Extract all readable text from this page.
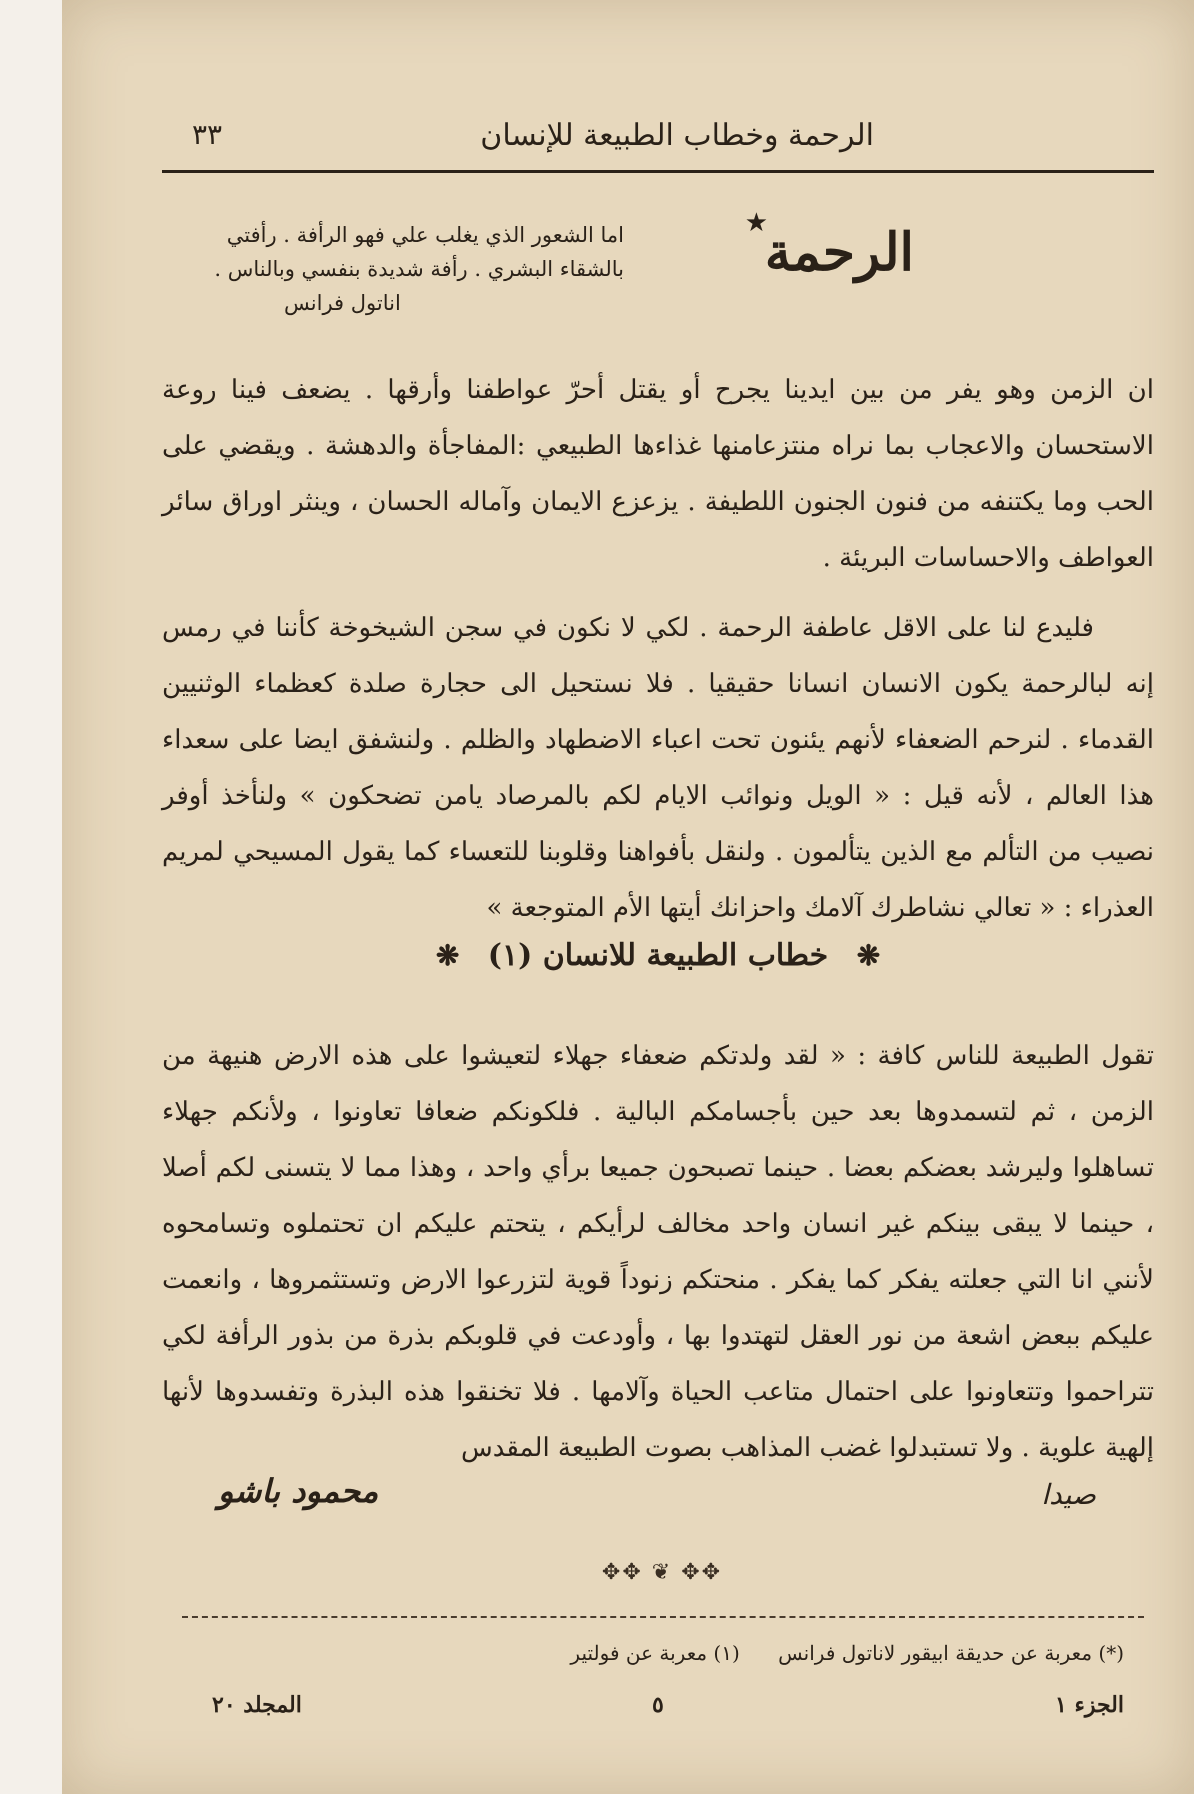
الرحمة وخطاب الطبيعة للإنسان
٣٣
★
الرحمة
اما الشعور الذي يغلب علي فهو الرأفة . رأفتي بالشقاء البشري . رأفة شديدة بنفسي وبالناس .
اناتول فرانس

ان الزمن وهو يفر من بين ايدينا يجرح أو يقتل أحرّ عواطفنا وأرقها . يضعف فينا روعة الاستحسان والاعجاب بما نراه منتزعامنها غذاءها الطبيعي :المفاجأة والدهشة . ويقضي على الحب وما يكتنفه من فنون الجنون اللطيفة . يزعزع الايمان وآماله الحسان ، وينثر اوراق سائر العواطف والاحساسات البريئة .

فليدع لنا على الاقل عاطفة الرحمة . لكي لا نكون في سجن الشيخوخة كأننا في رمس إنه لبالرحمة يكون الانسان انسانا حقيقيا . فلا نستحيل الى حجارة صلدة كعظماء الوثنيين القدماء . لنرحم الضعفاء لأنهم يئنون تحت اعباء الاضطهاد والظلم . ولنشفق ايضا على سعداء هذا العالم ، لأنه قيل : « الويل ونوائب الايام لكم بالمرصاد يامن تضحكون » ولنأخذ أوفر نصيب من التألم مع الذين يتألمون . ولنقل بأفواهنا وقلوبنا للتعساء كما يقول المسيحي لمريم العذراء : « تعالي نشاطرك آلامك واحزانك أيتها الأم المتوجعة »

❋ خطاب الطبيعة للانسان (١) ❋

تقول الطبيعة للناس كافة : « لقد ولدتكم ضعفاء جهلاء لتعيشوا على هذه الارض هنيهة من الزمن ، ثم لتسمدوها بعد حين بأجسامكم البالية . فلكونكم ضعافا تعاونوا ، ولأنكم جهلاء تساهلوا وليرشد بعضكم بعضا . حينما تصبحون جميعا برأي واحد ، وهذا مما لا يتسنى لكم أصلا ، حينما لا يبقى بينكم غير انسان واحد مخالف لرأيكم ، يتحتم عليكم ان تحتملوه وتسامحوه لأنني انا التي جعلته يفكر كما يفكر . منحتكم زنوداً قوية لتزرعوا الارض وتستثمروها ، وانعمت عليكم ببعض اشعة من نور العقل لتهتدوا بها ، وأودعت في قلوبكم بذرة من بذور الرأفة لكي تتراحموا وتتعاونوا على احتمال متاعب الحياة وآلامها . فلا تخنقوا هذه البذرة وتفسدوها لأنها إلهية علوية . ولا تستبدلوا غضب المذاهب بصوت الطبيعة المقدس

صيدا
محمود باشو
✥✥ ❦ ✥✥
(*) معربة عن حديقة ابيقور لاناتول فرانس (١) معربة عن فولتير
الجزء ١
٥
المجلد ٢٠
